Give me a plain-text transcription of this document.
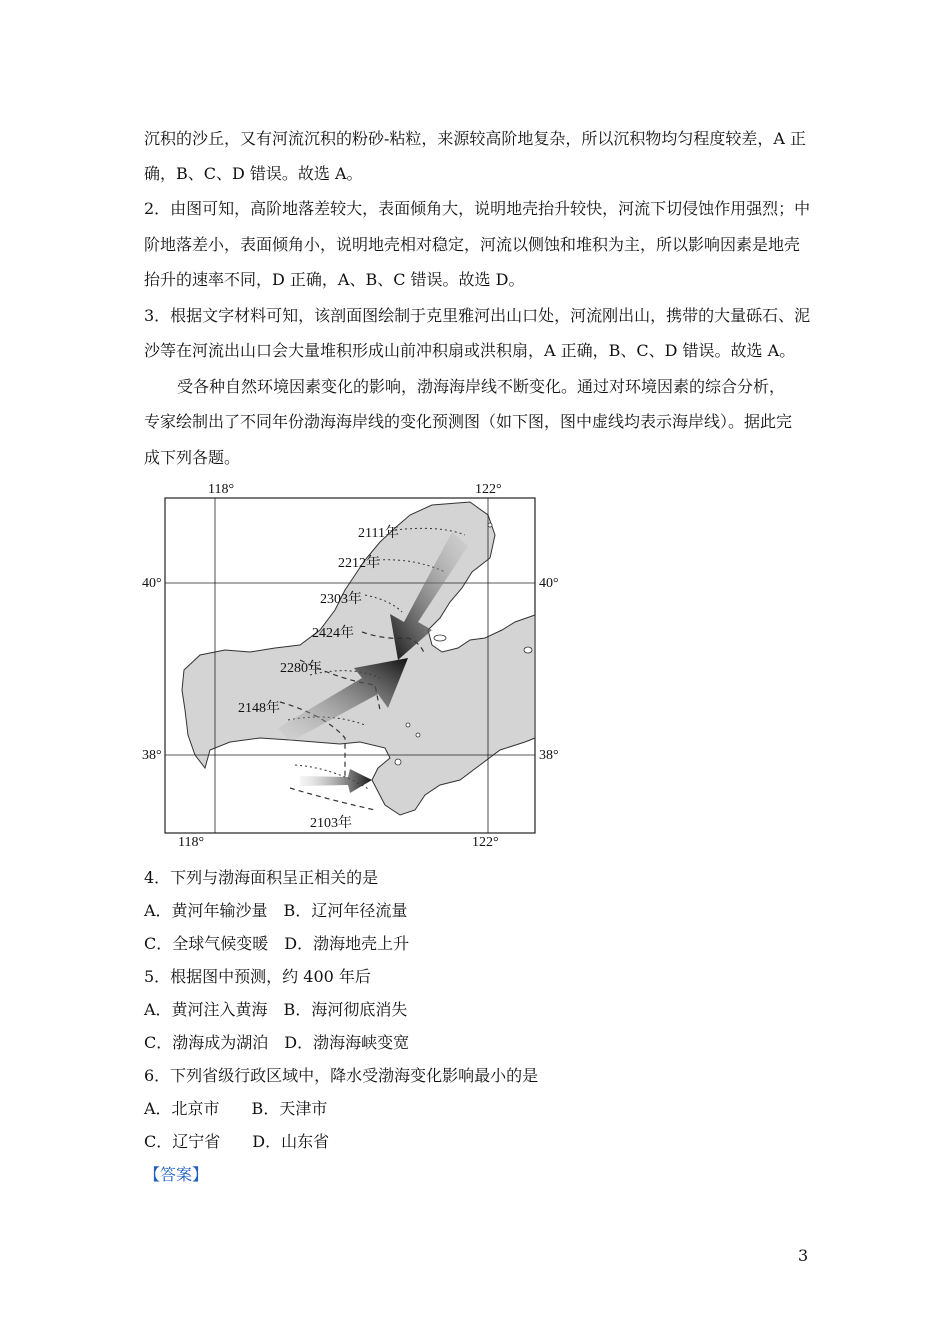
沉积的沙丘，又有河流沉积的粉砂-粘粒，来源较高阶地复杂，所以沉积物均匀程度较差，A 正
确，B、C、D 错误。故选 A。
2．由图可知，高阶地落差较大，表面倾角大，说明地壳抬升较快，河流下切侵蚀作用强烈；中
阶地落差小，表面倾角小，说明地壳相对稳定，河流以侧蚀和堆积为主，所以影响因素是地壳
抬升的速率不同，D 正确，A、B、C 错误。故选 D。
3．根据文字材料可知，该剖面图绘制于克里雅河出山口处，河流刚出山，携带的大量砾石、泥
沙等在河流出山口会大量堆积形成山前冲积扇或洪积扇，A 正确，B、C、D 错误。故选 A。
受各种自然环境因素变化的影响，渤海海岸线不断变化。通过对环境因素的综合分析，
专家绘制出了不同年份渤海海岸线的变化预测图（如下图，图中虚线均表示海岸线）。据此完
成下列各题。
118°	122°
40°	40°
38°	38°
118°	122°
2111年
2212年
2303年
2424年
2280年
2148年
2103年
4．下列与渤海面积呈正相关的是
A．黄河年输沙量　B．辽河年径流量
C．全球气候变暖　D．渤海地壳上升
5．根据图中预测，约 400 年后
A．黄河注入黄海　B．海河彻底消失
C．渤海成为湖泊　D．渤海海峡变宽
6．下列省级行政区域中，降水受渤海变化影响最小的是
A．北京市　　B．天津市
C．辽宁省　　D．山东省
【答案】
3
